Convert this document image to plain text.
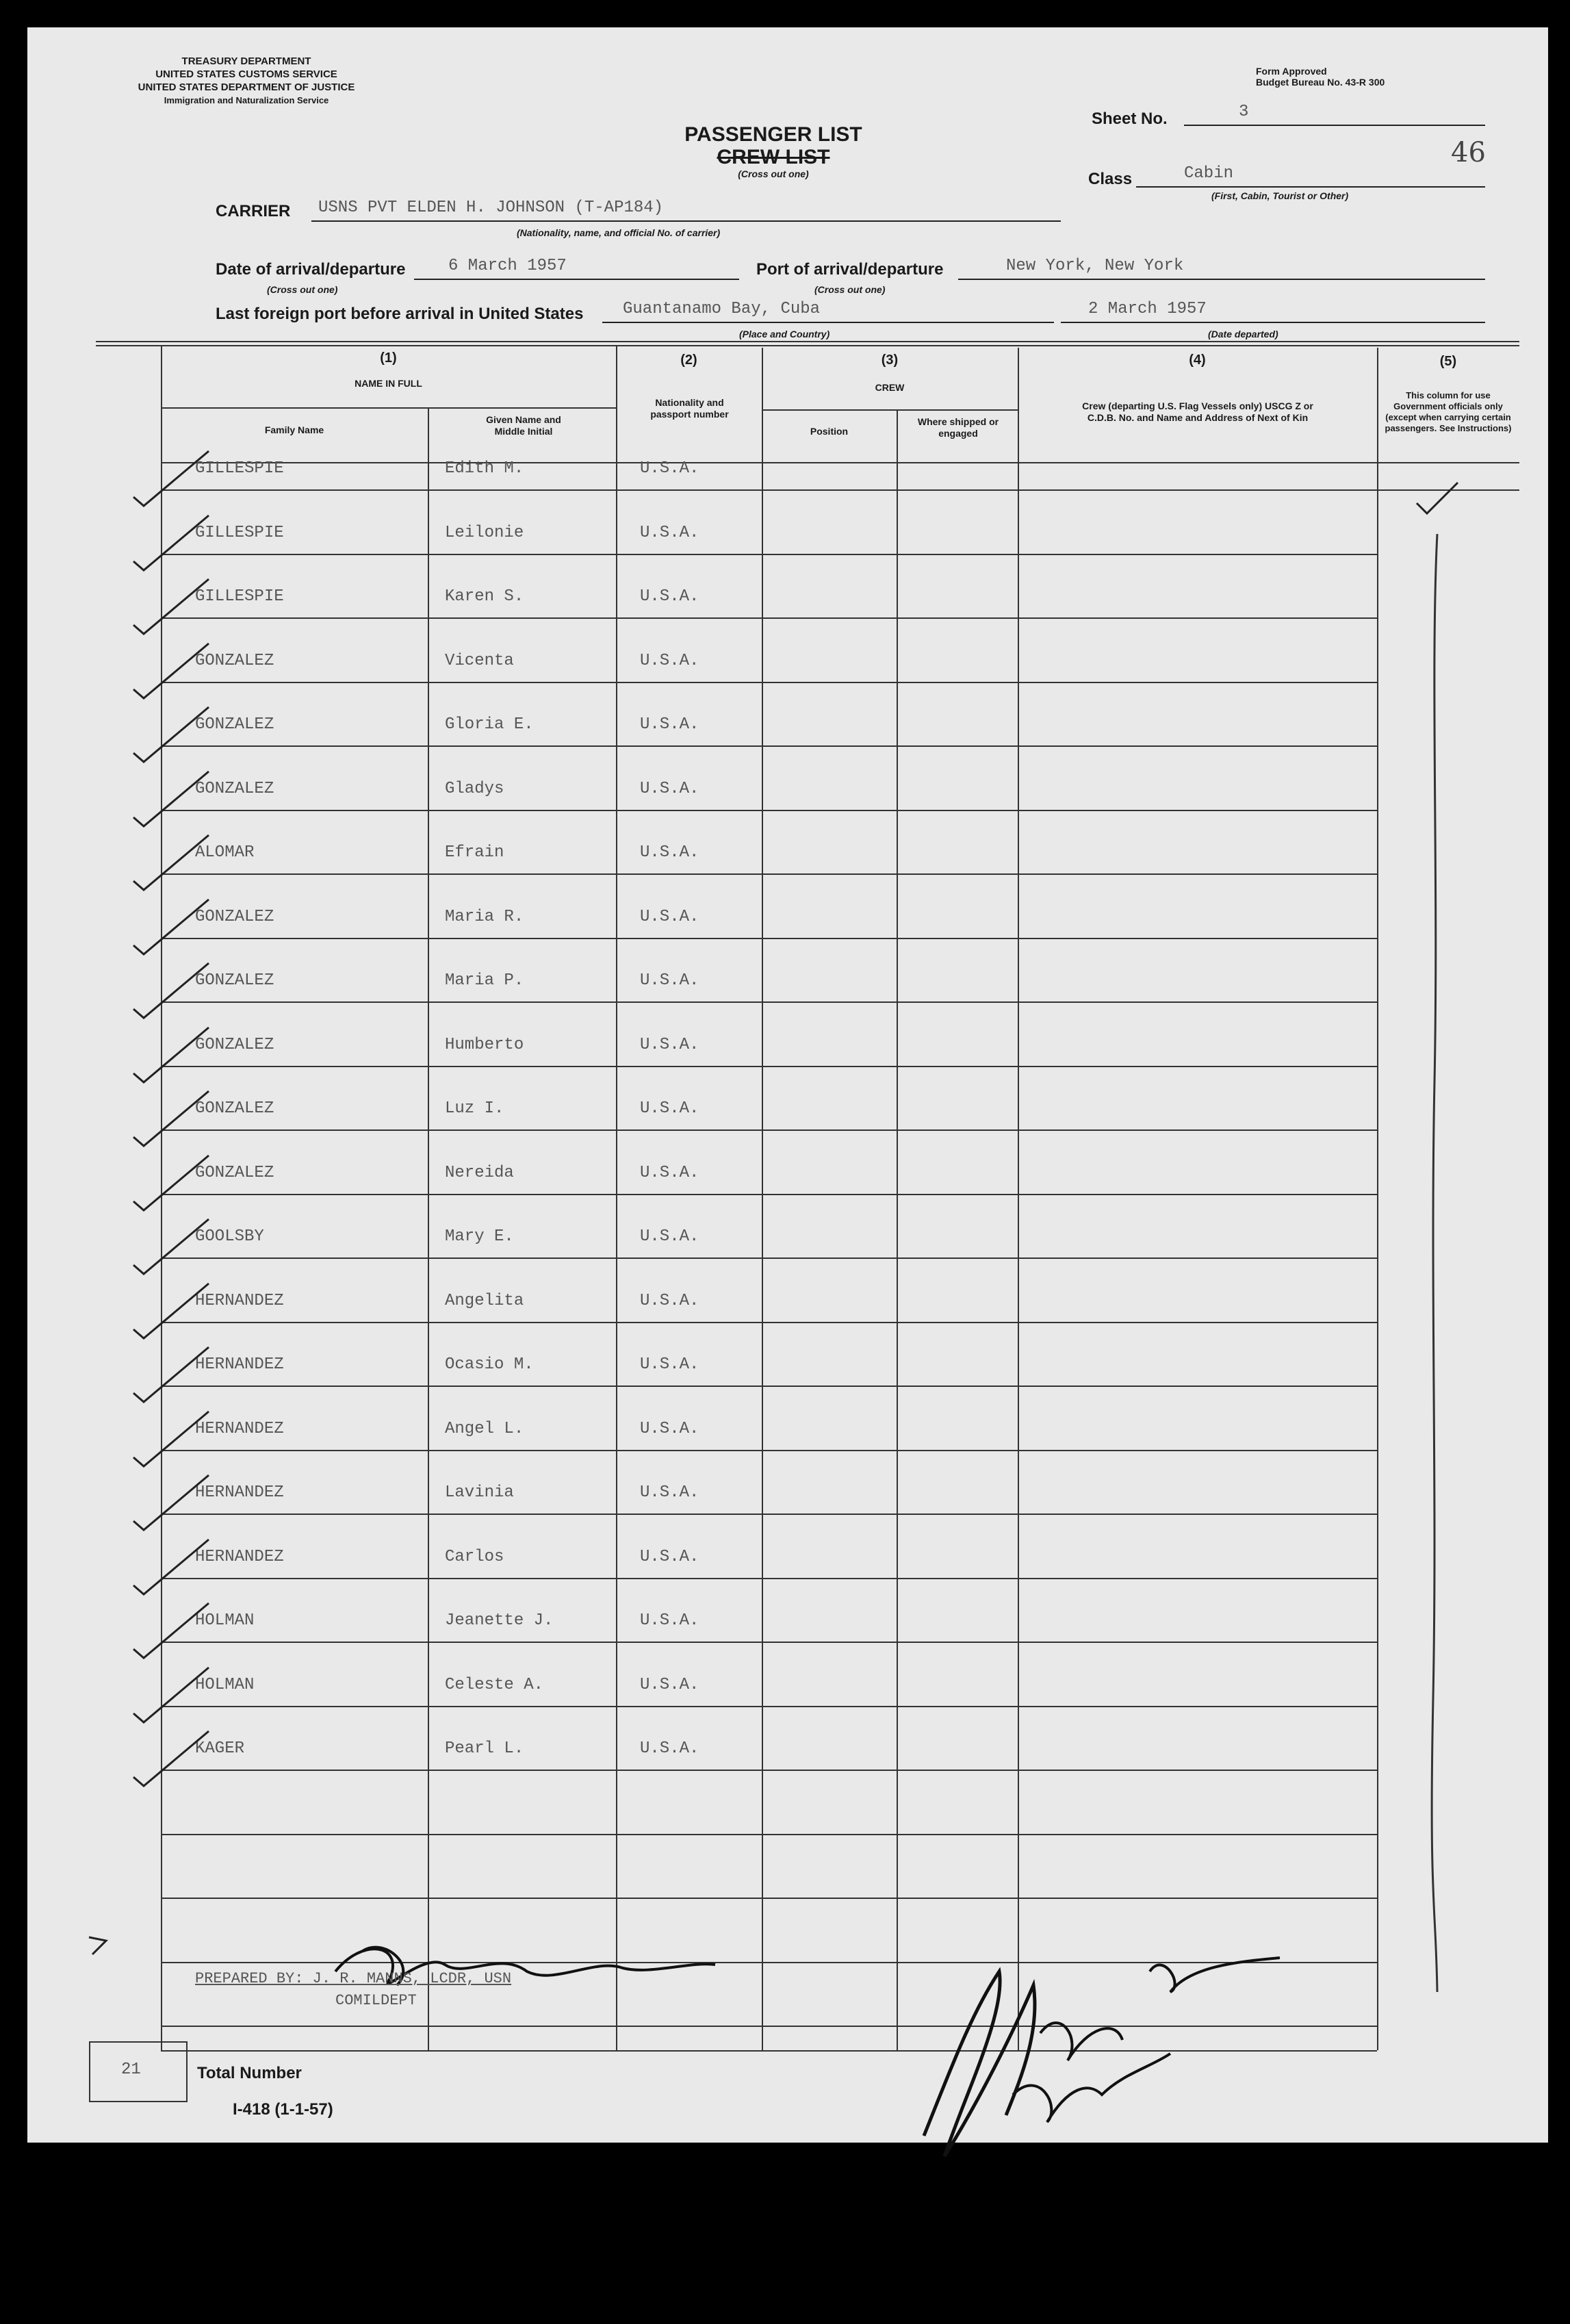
TREASURY DEPARTMENT
UNITED STATES CUSTOMS SERVICE
UNITED STATES DEPARTMENT OF JUSTICE
Immigration and Naturalization Service
Form Approved
Budget Bureau No. 43-R 300
PASSENGER LIST
CREW LIST
(Cross out one)
Sheet No.	3
46
Class	Cabin
(First, Cabin, Tourist or Other)
CARRIER USNS PVT ELDEN H. JOHNSON (T-AP184)
(Nationality, name, and official No. of carrier)
Date of arrival/departure	6 March 1957
(Cross out one)
Port of arrival/departure	New York, New York
(Cross out one)
Last foreign port before arrival in United States Guantanamo Bay, Cuba	2 March 1957
(Place and Country)	(Date departed)
(1)
NAME IN FULL
Family Name
Given Name and Middle Initial
(2)
Nationality and passport number
(3)
CREW
Position
Where shipped or engaged
(4)
Crew (departing U.S. Flag Vessels only) USCG Z or C.D.B. No. and Name and Address of Next of Kin
(5)
This column for use Government officials only (except when carrying certain passengers. See Instructions)
GILLESPIE	Edith M.	U.S.A.
GILLESPIE	Leilonie	U.S.A.
GILLESPIE	Karen S.	U.S.A.
GONZALEZ	Vicenta	U.S.A.
GONZALEZ	Gloria E.	U.S.A.
GONZALEZ	Gladys	U.S.A.
ALOMAR	Efrain	U.S.A.
GONZALEZ	Maria R.	U.S.A.
GONZALEZ	Maria P.	U.S.A.
GONZALEZ	Humberto	U.S.A.
GONZALEZ	Luz I.	U.S.A.
GONZALEZ	Nereida	U.S.A.
GOOLSBY	Mary E.	U.S.A.
HERNANDEZ	Angelita	U.S.A.
HERNANDEZ	Ocasio M.	U.S.A.
HERNANDEZ	Angel L.	U.S.A.
HERNANDEZ	Lavinia	U.S.A.
HERNANDEZ	Carlos	U.S.A.
HOLMAN	Jeanette J.	U.S.A.
HOLMAN	Celeste A.	U.S.A.
KAGER	Pearl L.	U.S.A.
PREPARED BY: J. R. MANNS, LCDR, USN
COMILDEPT
21	Total Number
I-418 (1-1-57)
